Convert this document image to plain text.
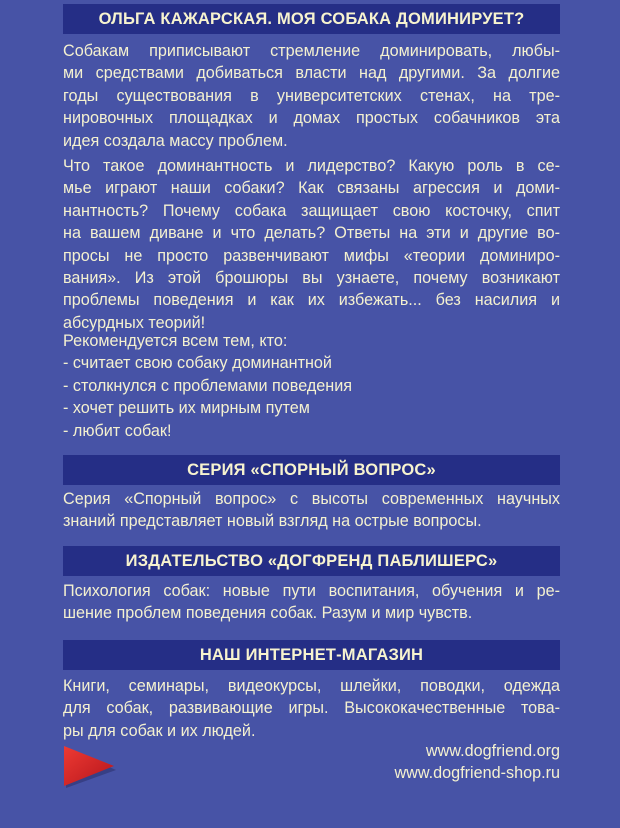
ОЛЬГА КАЖАРСКАЯ. МОЯ СОБАКА ДОМИНИРУЕТ?
Собакам приписывают стремление доминировать, любы-
ми средствами добиваться власти над другими. За долгие
годы существования в университетских стенах, на тре-
нировочных площадках и домах простых собачников эта
идея создала массу проблем.
Что такое доминантность и лидерство? Какую роль в се-
мье играют наши собаки? Как связаны агрессия и доми-
нантность? Почему собака защищает свою косточку, спит
на вашем диване и что делать? Ответы на эти и другие во-
просы не просто развенчивают мифы «теории доминиро-
вания». Из этой брошюры вы узнаете, почему возникают
проблемы поведения и как их избежать... без насилия и
абсурдных теорий!
Рекомендуется всем тем, кто:
- считает свою собаку доминантной
- столкнулся с проблемами поведения
- хочет решить их мирным путем
- любит собак!
СЕРИЯ «СПОРНЫЙ ВОПРОС»
Серия «Спорный вопрос» с высоты современных научных
знаний представляет новый взгляд на острые вопросы.
ИЗДАТЕЛЬСТВО «ДОГФРЕНД ПАБЛИШЕРС»
Психология собак: новые пути воспитания, обучения и ре-
шение проблем поведения собак. Разум и мир чувств.
НАШ ИНТЕРНЕТ-МАГАЗИН
Книги, семинары, видеокурсы, шлейки, поводки, одежда
для собак, развивающие игры. Высококачественные това-
ры для собак и их людей.
www.dogfriend.org
www.dogfriend-shop.ru
